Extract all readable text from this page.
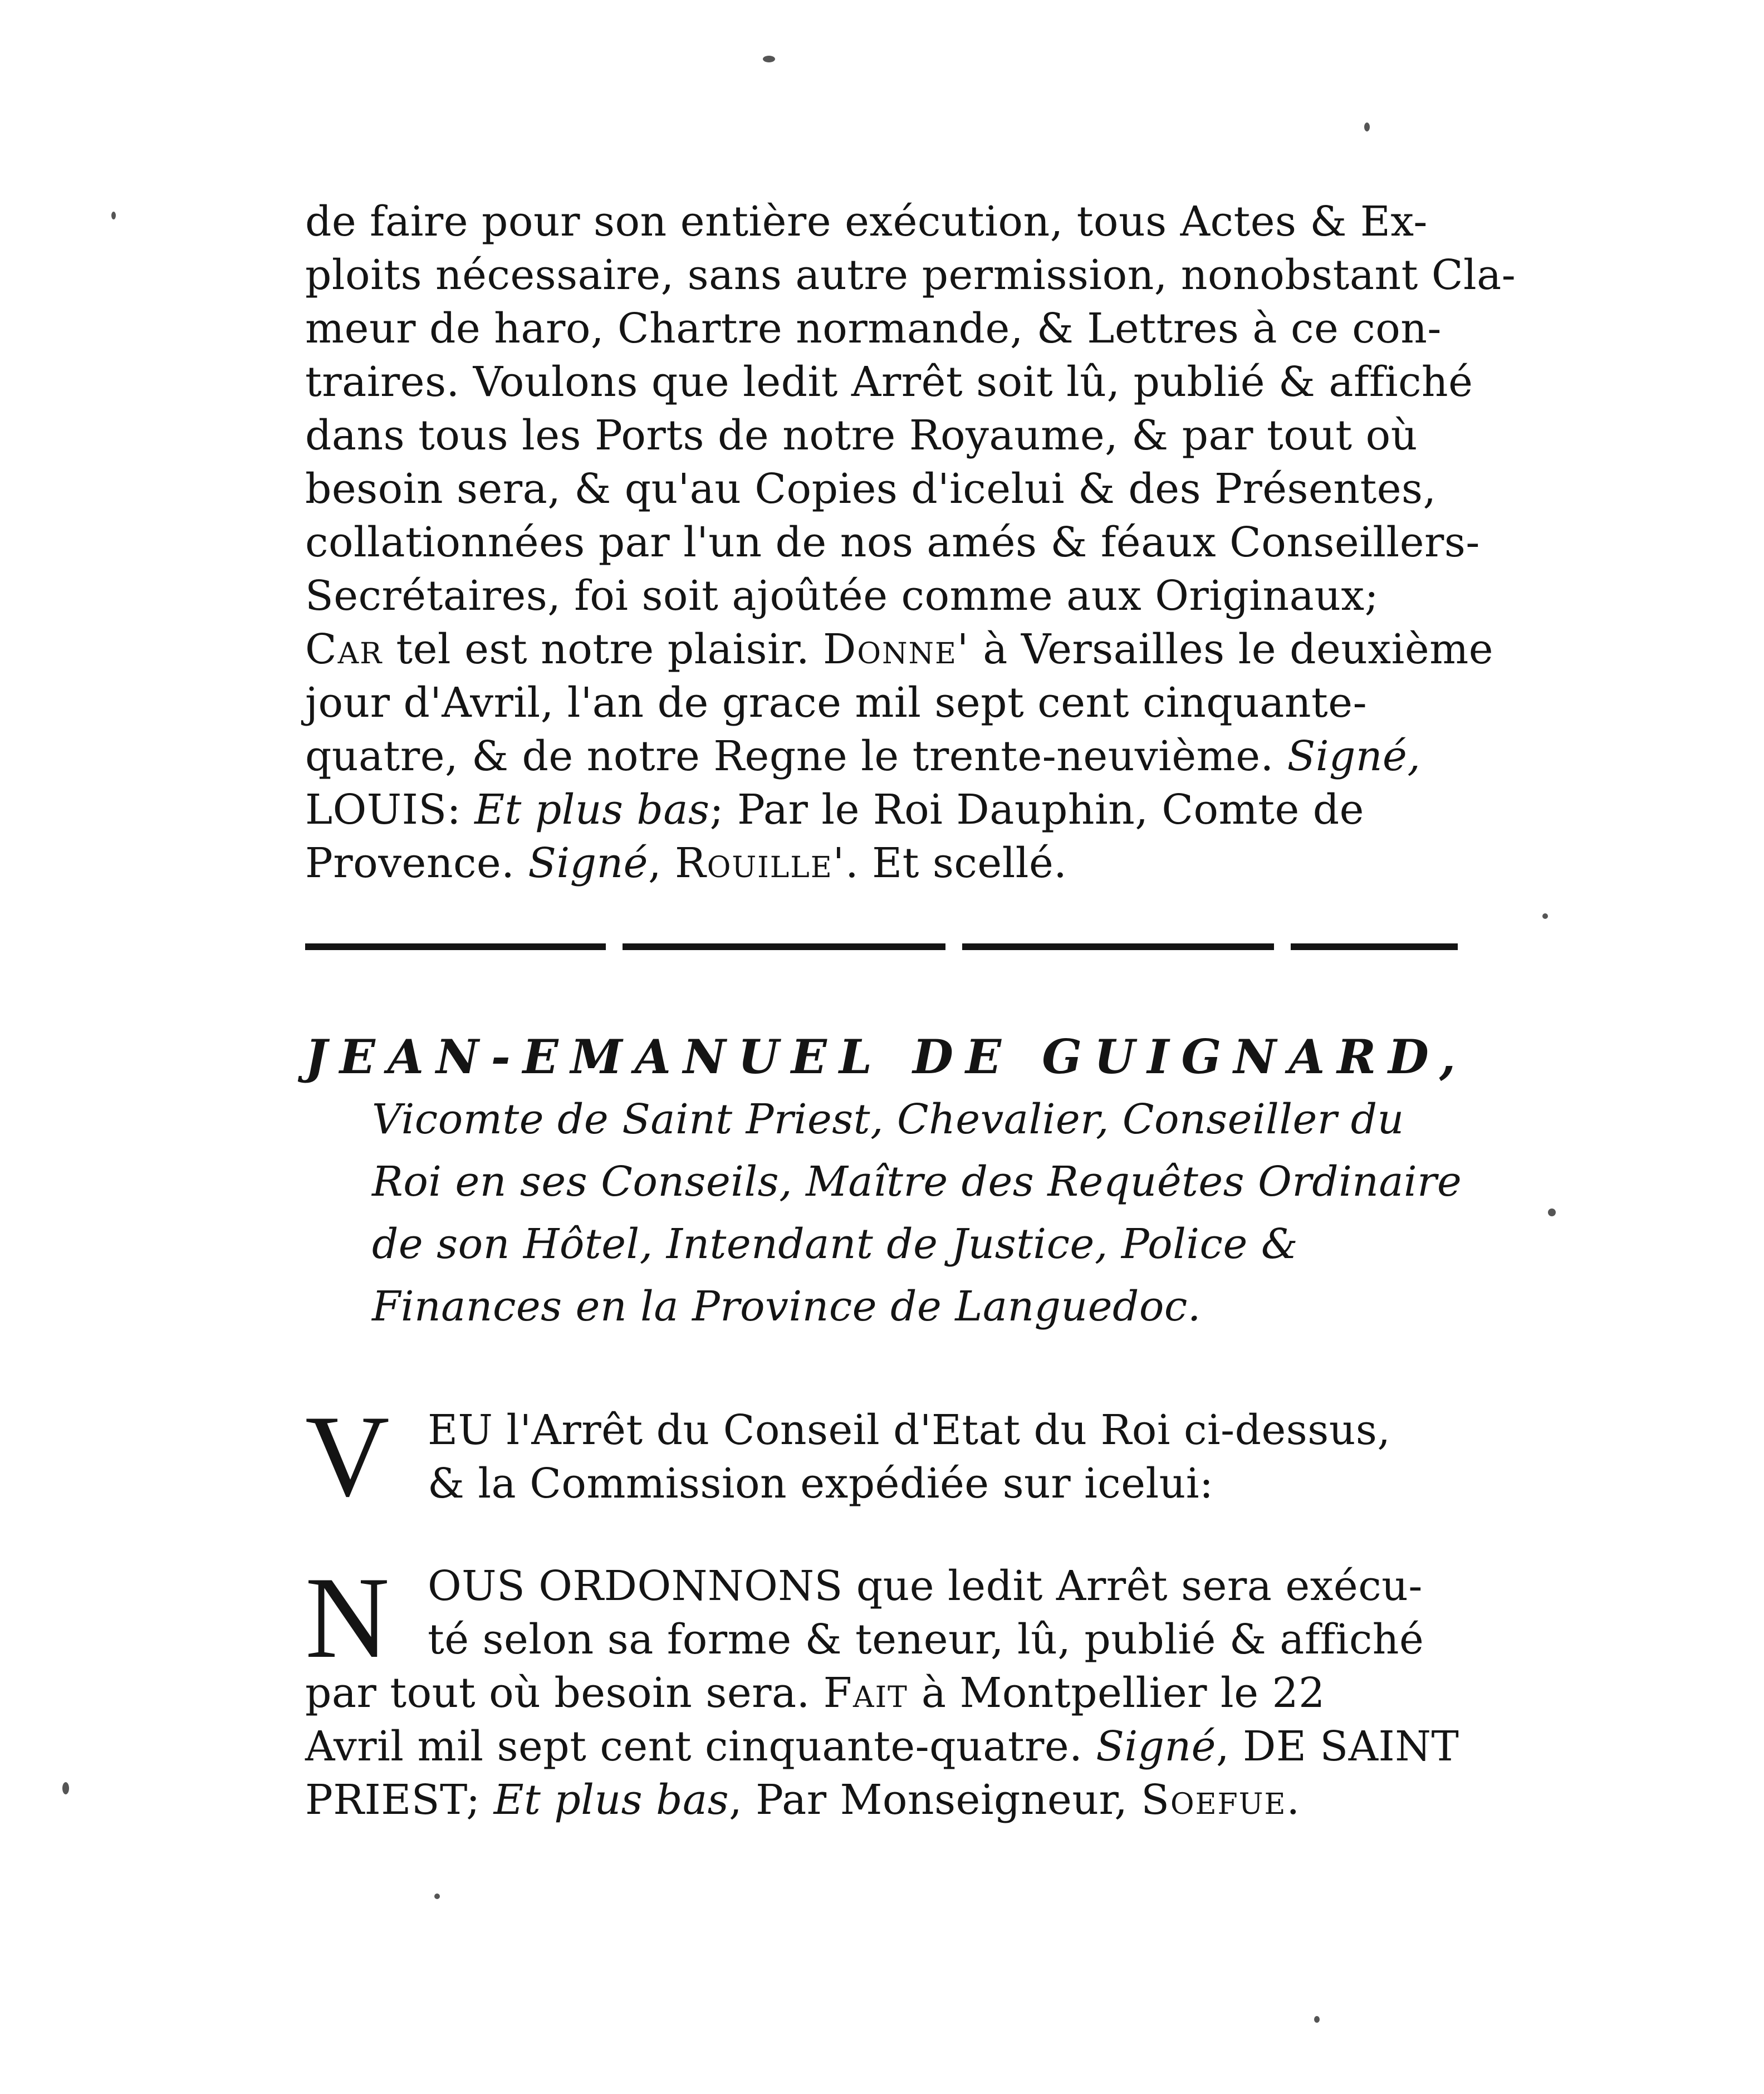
de faire pour son entière exécution, tous Actes & Ex-
ploits nécessaire, sans autre permission, nonobstant Cla-
meur de haro, Chartre normande, & Lettres à ce con-
traires. Voulons que ledit Arrêt soit lû, publié & affiché
dans tous les Ports de notre Royaume, & par tout où
besoin sera, & qu'au Copies d'icelui & des Présentes,
collationnées par l'un de nos amés & féaux Conseillers-
Secrétaires, foi soit ajoûtée comme aux Originaux;
Car tel est notre plaisir. Donne' à Versailles le deuxième
jour d'Avril, l'an de grace mil sept cent cinquante-
quatre, & de notre Regne le trente-neuvième. Signé,
LOUIS: Et plus bas; Par le Roi Dauphin, Comte de
Provence. Signé, Rouille'. Et scellé.
JEAN-EMANUEL DE GUIGNARD,
Vicomte de Saint Priest, Chevalier, Conseiller du
Roi en ses Conseils, Maître des Requêtes Ordinaire
de son Hôtel, Intendant de Justice, Police &
Finances en la Province de Languedoc.
V EU l'Arrêt du Conseil d'Etat du Roi ci-dessus,
& la Commission expédiée sur icelui:
N OUS ORDONNONS que ledit Arrêt sera exécu-
té selon sa forme & teneur, lû, publié & affiché
par tout où besoin sera. Fait à Montpellier le 22
Avril mil sept cent cinquante-quatre. Signé, DE SAINT
PRIEST; Et plus bas, Par Monseigneur, Soefue.
